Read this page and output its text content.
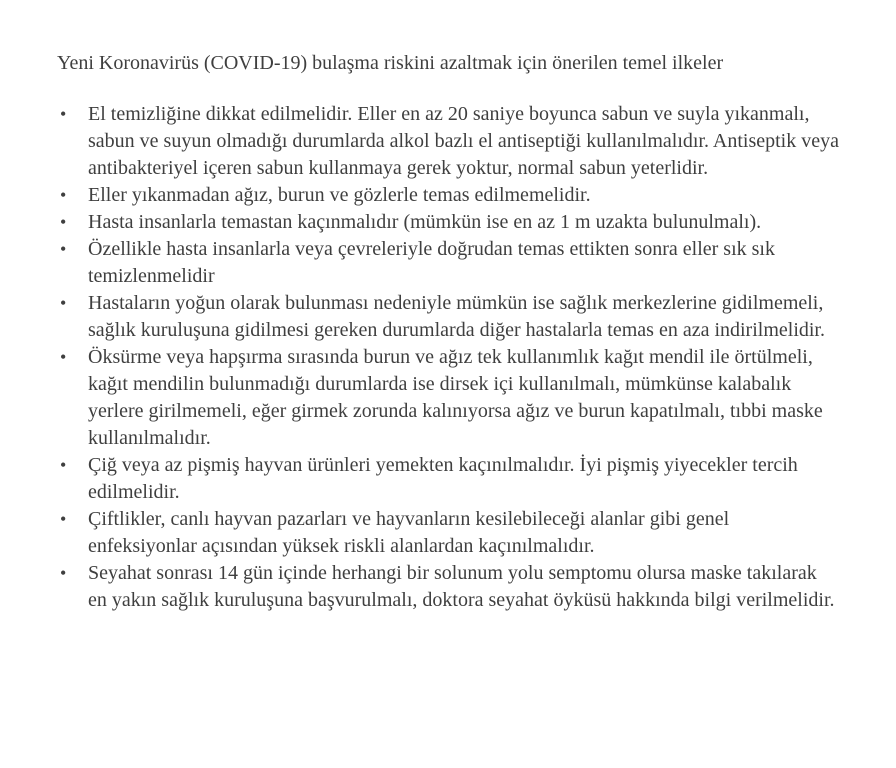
Yeni Koronavirüs (COVID-19) bulaşma riskini azaltmak için önerilen temel ilkeler

• El temizliğine dikkat edilmelidir. Eller en az 20 saniye boyunca sabun ve suyla yıkanmalı, sabun ve suyun olmadığı durumlarda alkol bazlı el antiseptiği kullanılmalıdır. Antiseptik veya antibakteriyel içeren sabun kullanmaya gerek yoktur, normal sabun yeterlidir.
• Eller yıkanmadan ağız, burun ve gözlerle temas edilmemelidir.
• Hasta insanlarla temastan kaçınmalıdır (mümkün ise en az 1 m uzakta bulunulmalı).
• Özellikle hasta insanlarla veya çevreleriyle doğrudan temas ettikten sonra eller sık sık temizlenmelidir
• Hastaların yoğun olarak bulunması nedeniyle mümkün ise sağlık merkezlerine gidilmemeli, sağlık kuruluşuna gidilmesi gereken durumlarda diğer hastalarla temas en aza indirilmelidir.
• Öksürme veya hapşırma sırasında burun ve ağız tek kullanımlık kağıt mendil ile örtülmeli, kağıt mendilin bulunmadığı durumlarda ise dirsek içi kullanılmalı, mümkünse kalabalık yerlere girilmemeli, eğer girmek zorunda kalınıyorsa ağız ve burun kapatılmalı, tıbbi maske kullanılmalıdır.
• Çiğ veya az pişmiş hayvan ürünleri yemekten kaçınılmalıdır. İyi pişmiş yiyecekler tercih edilmelidir.
• Çiftlikler, canlı hayvan pazarları ve hayvanların kesilebileceği alanlar gibi genel enfeksiyonlar açısından yüksek riskli alanlardan kaçınılmalıdır.
• Seyahat sonrası 14 gün içinde herhangi bir solunum yolu semptomu olursa maske takılarak en yakın sağlık kuruluşuna başvurulmalı, doktora seyahat öyküsü hakkında bilgi verilmelidir.
